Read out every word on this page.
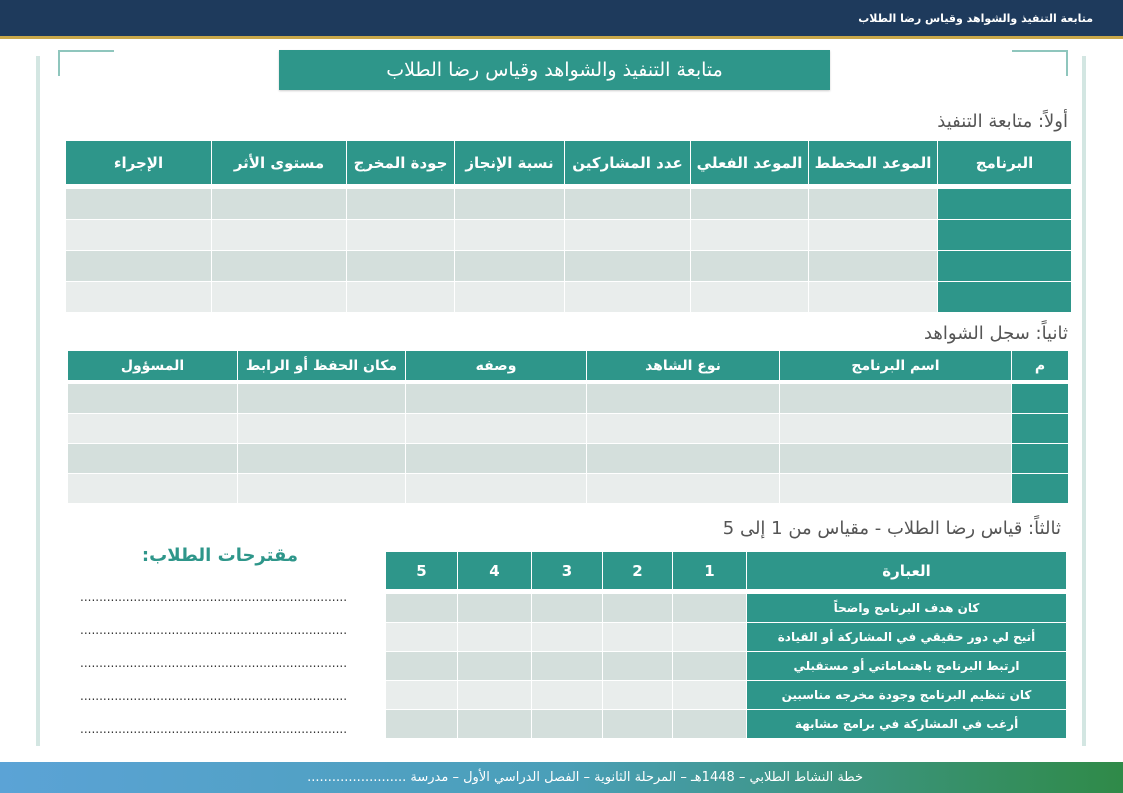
متابعة التنفيذ والشواهد وقياس رضا الطلاب
متابعة التنفيذ والشواهد وقياس رضا الطلاب
أولاً: متابعة التنفيذ
البرنامج	الموعد المخطط	الموعد الفعلي	عدد المشاركين	نسبة الإنجاز	جودة المخرج	مستوى الأثر	الإجراء

ثانياً: سجل الشواهد
م	اسم البرنامج	نوع الشاهد	وصفه	مكان الحفظ أو الرابط	المسؤول

ثالثاً: قياس رضا الطلاب - مقياس من 1 إلى 5
العبارة	1	2	3	4	5

كان هدف البرنامج واضحاً					
أتيح لي دور حقيقي في المشاركة أو القيادة					
ارتبط البرنامج باهتماماتي أو مستقبلي					
كان تنظيم البرنامج وجودة مخرجه مناسبين					
أرغب في المشاركة في برامج مشابهة					
مقترحات الطلاب:
......................................................................
......................................................................
......................................................................
......................................................................
......................................................................
خطة النشاط الطلابي – 1448هـ – المرحلة الثانوية – الفصل الدراسي الأول – مدرسة ........................
